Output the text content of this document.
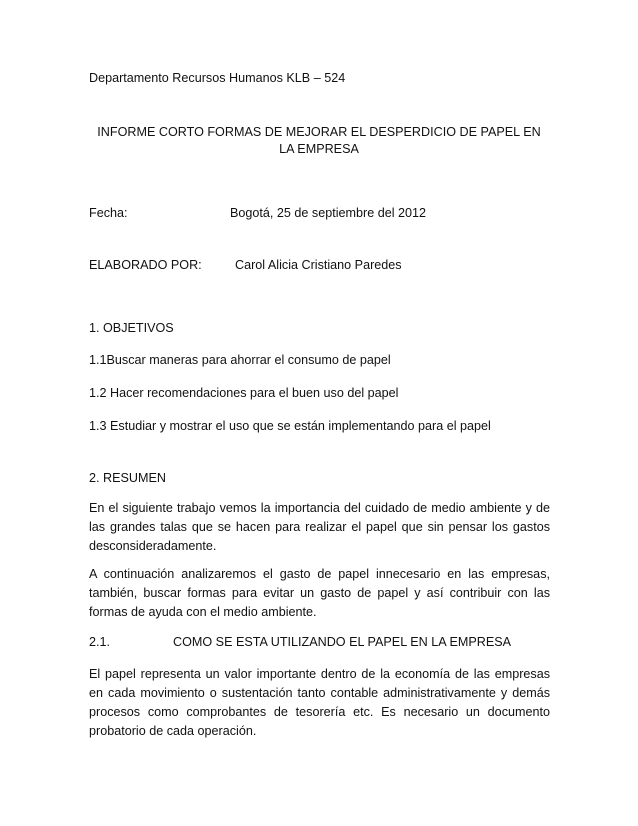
Departamento Recursos Humanos KLB – 524

INFORME CORTO FORMAS DE MEJORAR EL DESPERDICIO DE PAPEL EN

LA EMPRESA

Fecha:	Bogotá, 25 de septiembre del 2012

ELABORADO POR:	Carol Alicia Cristiano Paredes

1. OBJETIVOS

1.1Buscar maneras para ahorrar el consumo de papel

1.2 Hacer recomendaciones para el buen uso del papel

1.3 Estudiar y mostrar el uso que se están implementando para el papel

2. RESUMEN

En el siguiente trabajo vemos la importancia del cuidado de medio ambiente y de las grandes talas que se hacen para realizar el papel que sin pensar los gastos desconsideradamente.

A continuación analizaremos el gasto de papel innecesario en las empresas, también, buscar formas para evitar un gasto de papel y así contribuir con las formas de ayuda con el medio ambiente.

2.1.	COMO SE ESTA UTILIZANDO EL PAPEL EN LA EMPRESA

El papel representa un valor importante dentro de la economía de las empresas en cada movimiento o sustentación tanto contable administrativamente y demás procesos como comprobantes de tesorería etc. Es necesario un documento probatorio de cada operación.
